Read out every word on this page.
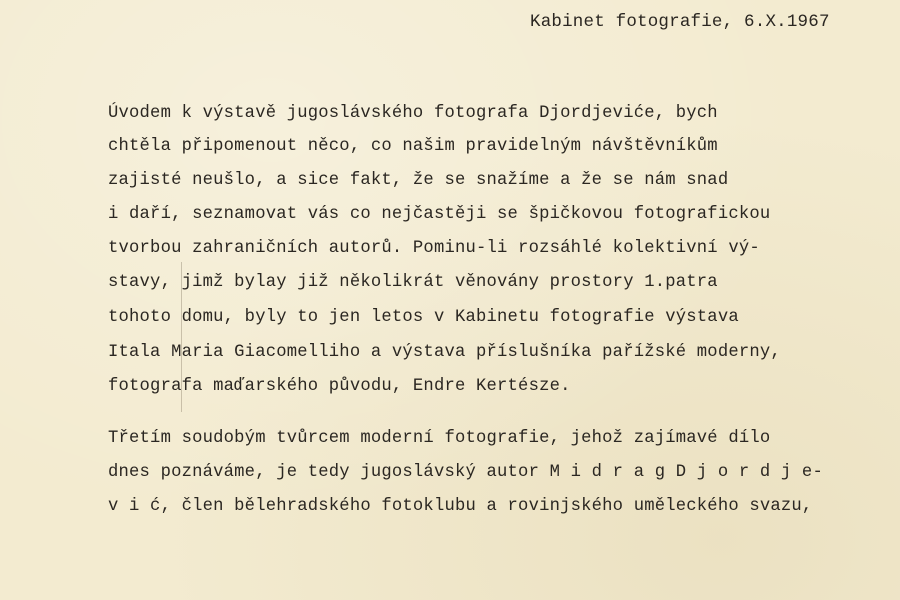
Kabinet fotografie, 6.X.1967

Úvodem k výstavě jugoslávského fotografa Djordjeviće, bych

chtěla připomenout něco, co našim pravidelným návštěvníkům

zajisté neušlo, a sice fakt, že se snažíme a že se nám snad

i daří, seznamovat vás co nejčastěji se špičkovou fotografickou

tvorbou zahraničních autorů. Pominu-li rozsáhlé kolektivní vý-

stavy, jimž bylay již několikrát věnovány prostory 1.patra

tohoto domu, byly to jen letos v Kabinetu fotografie výstava

Itala Maria Giacomelliho a výstava příslušníka pařížské moderny,

fotografa maďarského původu, Endre Kertésze.

Třetím soudobým tvůrcem moderní fotografie, jehož zajímavé dílo

dnes poznáváme, je tedy jugoslávský autor M i d r a g D j o r d j e-

v i ć, člen bělehradského fotoklubu a rovinjského uměleckého svazu,
